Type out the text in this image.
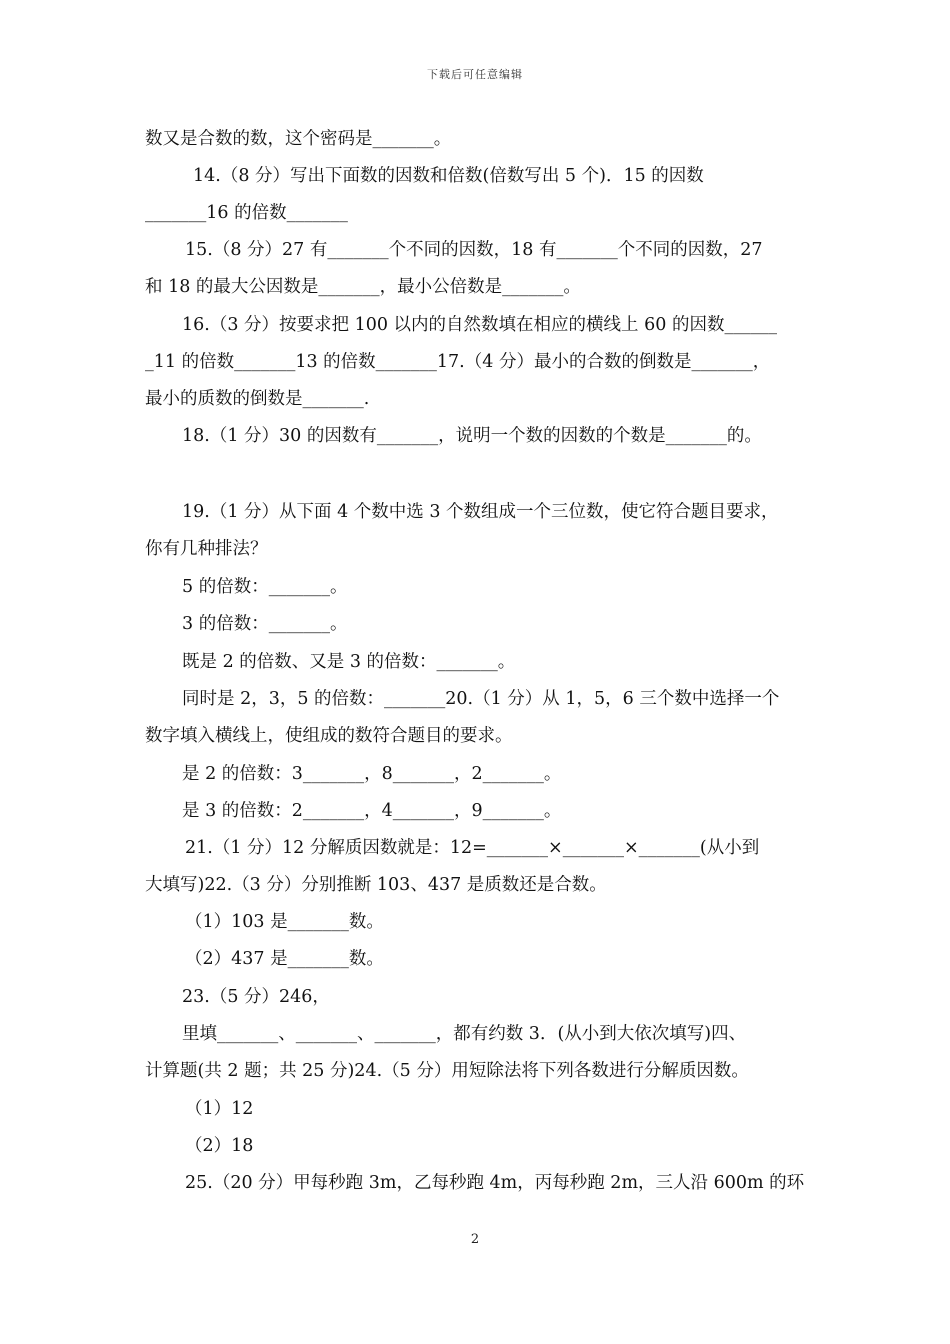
下载后可任意编辑
数又是合数的数，这个密码是_______。
14.（8 分）写出下面数的因数和倍数(倍数写出 5 个)．15 的因数
_______16 的倍数_______
15.（8 分）27 有_______个不同的因数，18 有_______个不同的因数，27
和 18 的最大公因数是_______，最小公倍数是_______。
16.（3 分）按要求把 100 以内的自然数填在相应的横线上 60 的因数______
_11 的倍数_______13 的倍数_______17.（4 分）最小的合数的倒数是_______，
最小的质数的倒数是_______.
18.（1 分）30 的因数有_______，说明一个数的因数的个数是_______的。
19.（1 分）从下面 4 个数中选 3 个数组成一个三位数，使它符合题目要求，
你有几种排法？
5 的倍数：_______。
3 的倍数：_______。
既是 2 的倍数、又是 3 的倍数：_______。
同时是 2，3，5 的倍数：_______20.（1 分）从 1，5，6 三个数中选择一个
数字填入横线上，使组成的数符合题目的要求。
是 2 的倍数：3_______，8_______，2_______。
是 3 的倍数：2_______，4_______，9_______。
21.（1 分）12 分解质因数就是：12=_______×_______×_______(从小到
大填写)22.（3 分）分别推断 103、437 是质数还是合数。
（1）103 是_______数。
（2）437 是_______数。
23.（5 分）246，
里填_______、_______、_______，都有约数 3．(从小到大依次填写)四、
计算题(共 2 题；共 25 分)24.（5 分）用短除法将下列各数进行分解质因数。
（1）12
（2）18
25.（20 分）甲每秒跑 3m，乙每秒跑 4m，丙每秒跑 2m，三人沿 600m 的环
2
